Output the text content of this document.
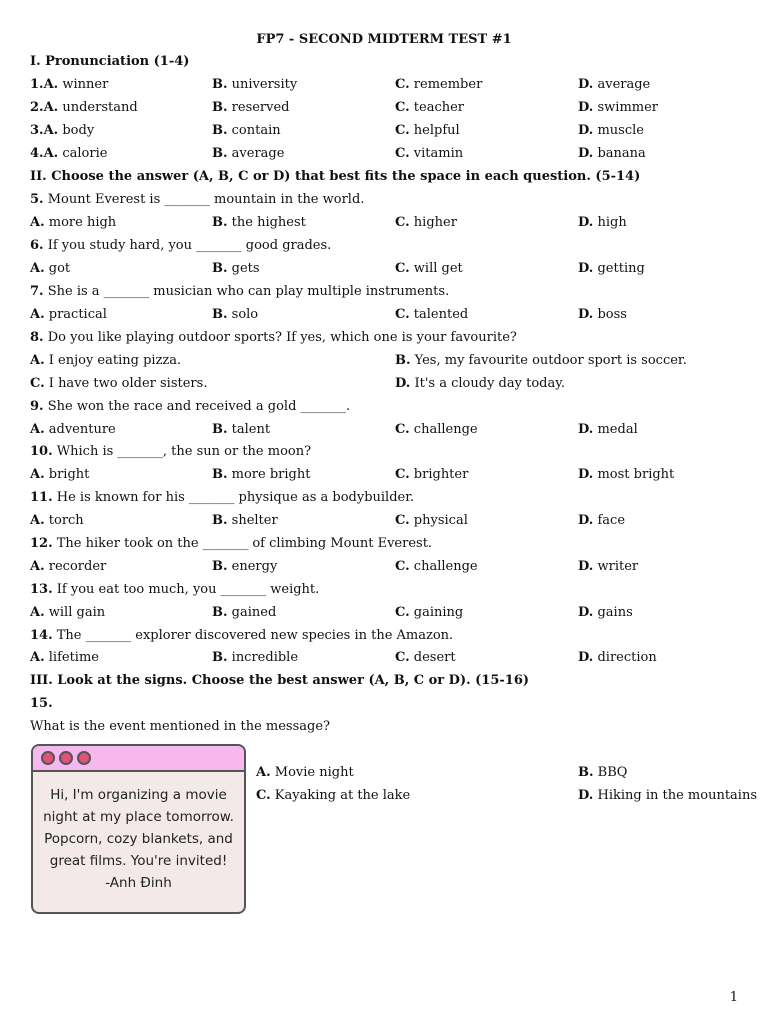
FP7 - SECOND MIDTERM TEST #1
I. Pronunciation (1-4)
1.A. winner	B. university	C. remember	D. average
2.A. understand	B. reserved	C. teacher	D. swimmer
3.A. body	B. contain	C. helpful	D. muscle
4.A. calorie	B. average	C. vitamin	D. banana
II. Choose the answer (A, B, C or D) that best fits the space in each question. (5-14)
5. Mount Everest is _______ mountain in the world.
A. more high	B. the highest	C. higher	D. high
6. If you study hard, you _______ good grades.
A. got	B. gets	C. will get	D. getting
7. She is a _______ musician who can play multiple instruments.
A. practical	B. solo	C. talented	D. boss
8. Do you like playing outdoor sports? If yes, which one is your favourite?
A. I enjoy eating pizza.	B. Yes, my favourite outdoor sport is soccer.
C. I have two older sisters.	D. It's a cloudy day today.
9. She won the race and received a gold _______.
A. adventure	B. talent	C. challenge	D. medal
10. Which is _______, the sun or the moon?
A. bright	B. more bright	C. brighter	D. most bright
11. He is known for his _______ physique as a bodybuilder.
A. torch	B. shelter	C. physical	D. face
12. The hiker took on the _______ of climbing Mount Everest.
A. recorder	B. energy	C. challenge	D. writer
13. If you eat too much, you _______ weight.
A. will gain	B. gained	C. gaining	D. gains
14. The _______ explorer discovered new species in the Amazon.
A. lifetime	B. incredible	C. desert	D. direction
III. Look at the signs. Choose the best answer (A, B, C or D). (15-16)
15.
What is the event mentioned in the message?
Hi, I'm organizing a movie
night at my place tomorrow.
Popcorn, cozy blankets, and
great films. You're invited!
-Anh Đinh
A. Movie night	B. BBQ
C. Kayaking at the lake	D. Hiking in the mountains
1
